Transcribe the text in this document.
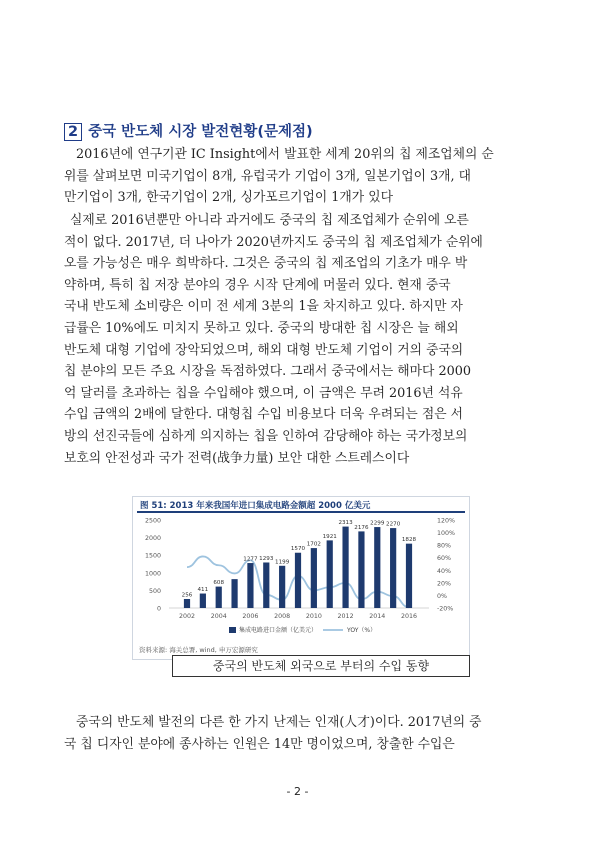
2 중국 반도체 시장 발전현황(문제점)
2016년에 연구기관 IC Insight에서 발표한 세계 20위의 칩 제조업체의 순
위를 살펴보면 미국기업이 8개, 유럽국가 기업이 3개, 일본기업이 3개, 대
만기업이 3개, 한국기업이 2개, 싱가포르기업이 1개가 있다
실제로 2016년뿐만 아니라 과거에도 중국의 칩 제조업체가 순위에 오른
적이 없다. 2017년, 더 나아가 2020년까지도 중국의 칩 제조업체가 순위에
오를 가능성은 매우 희박하다. 그것은 중국의 칩 제조업의 기초가 매우 박
약하며, 특히 칩 저장 분야의 경우 시작 단계에 머물러 있다. 현재 중국
국내 반도체 소비량은 이미 전 세계 3분의 1을 차지하고 있다. 하지만 자
급률은 10%에도 미치지 못하고 있다. 중국의 방대한 칩 시장은 늘 해외
반도체 대형 기업에 장악되었으며, 해외 대형 반도체 기업이 거의 중국의
칩 분야의 모든 주요 시장을 독점하였다. 그래서 중국에서는 해마다 2000
억 달러를 초과하는 칩을 수입해야 했으며, 이 금액은 무려 2016년 석유
수입 금액의 2배에 달한다. 대형칩 수입 비용보다 더욱 우려되는 점은 서
방의 선진국들에 심하게 의지하는 칩을 인하여 감당해야 하는 국가정보의
보호의 안전성과 국가 전력(战争力量) 보안 대한 스트레스이다
图 51: 2013 年来我国年进口集成电路金额超 2000 亿美元
0
500
1000
1500
2000
2500
-20%
0%
20%
40%
60%
80%
100%
120%
2002 2004 2006 2008 2010 2012 2014 2016
256
411
608
1277 1293
1199
1570
1702
1921
2313
2176
2299 2270
1828
集成电路进口金额（亿美元）	YOY（%）
资料来源: 海关总署, wind, 申万宏源研究
중국의 반도체 외국으로 부터의 수입 동향
중국의 반도체 발전의 다른 한 가지 난제는 인재(人才)이다. 2017년의 중
국 칩 디자인 분야에 종사하는 인원은 14만 명이었으며, 창출한 수입은
- 2 -
